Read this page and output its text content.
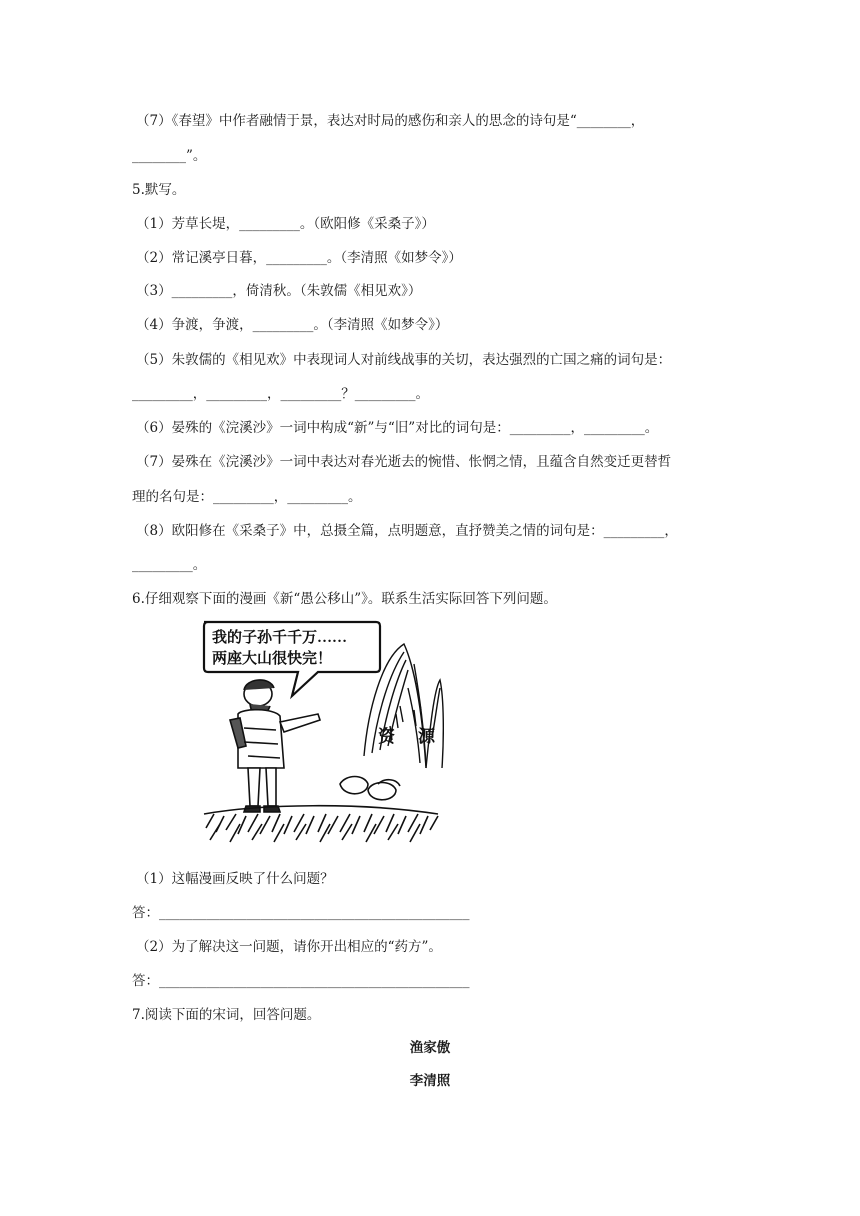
（7）《春望》中作者融情于景，表达对时局的感伤和亲人的思念的诗句是“________，
________”。
5.默写。
（1）芳草长堤，_________。（欧阳修《采桑子》）
（2）常记溪亭日暮，_________。（李清照《如梦令》）
（3）_________，倚清秋。（朱敦儒《相见欢》）
（4）争渡，争渡，_________。（李清照《如梦令》）
（5）朱敦儒的《相见欢》中表现词人对前线战事的关切，表达强烈的亡国之痛的词句是：
_________，_________，_________？_________。
（6）晏殊的《浣溪沙》一词中构成“新”与“旧”对比的词句是：_________，_________。
（7）晏殊在《浣溪沙》一词中表达对春光逝去的惋惜、怅惘之情，且蕴含自然变迁更替哲
理的名句是：_________，_________。
（8）欧阳修在《采桑子》中，总摄全篇，点明题意，直抒赞美之情的词句是：_________，
_________。
6.仔细观察下面的漫画《新“愚公移山”》。联系生活实际回答下列问题。
我的子孙千千万……
两座大山很快完！
资 源
（1）这幅漫画反映了什么问题？
答：______________________________________________
（2）为了解决这一问题，请你开出相应的“药方”。
答：______________________________________________
7.阅读下面的宋词，回答问题。
渔家傲
李清照
